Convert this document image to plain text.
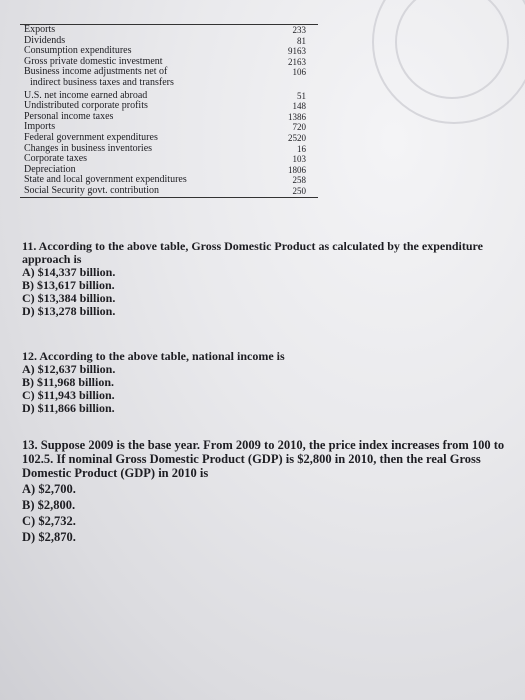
Exports	233
Dividends	81
Consumption expenditures	9163
Gross private domestic investment	2163
Business income adjustments net of	106
indirect business taxes and transfers
U.S. net income earned abroad	51
Undistributed corporate profits	148
Personal income taxes	1386
Imports	720
Federal government expenditures	2520
Changes in business inventories	16
Corporate taxes	103
Depreciation	1806
State and local government expenditures	258
Social Security govt. contribution	250

11. According to the above table, Gross Domestic Product as calculated by the expenditure approach is

A) $14,337 billion.

B) $13,617 billion.

C) $13,384 billion.

D) $13,278 billion.

12. According to the above table, national income is

A) $12,637 billion.

B) $11,968 billion.

C) $11,943 billion.

D) $11,866 billion.

13. Suppose 2009 is the base year. From 2009 to 2010, the price index increases from 100 to 102.5. If nominal Gross Domestic Product (GDP) is $2,800 in 2010, then the real Gross Domestic Product (GDP) in 2010 is

A) $2,700.

B) $2,800.

C) $2,732.

D) $2,870.
